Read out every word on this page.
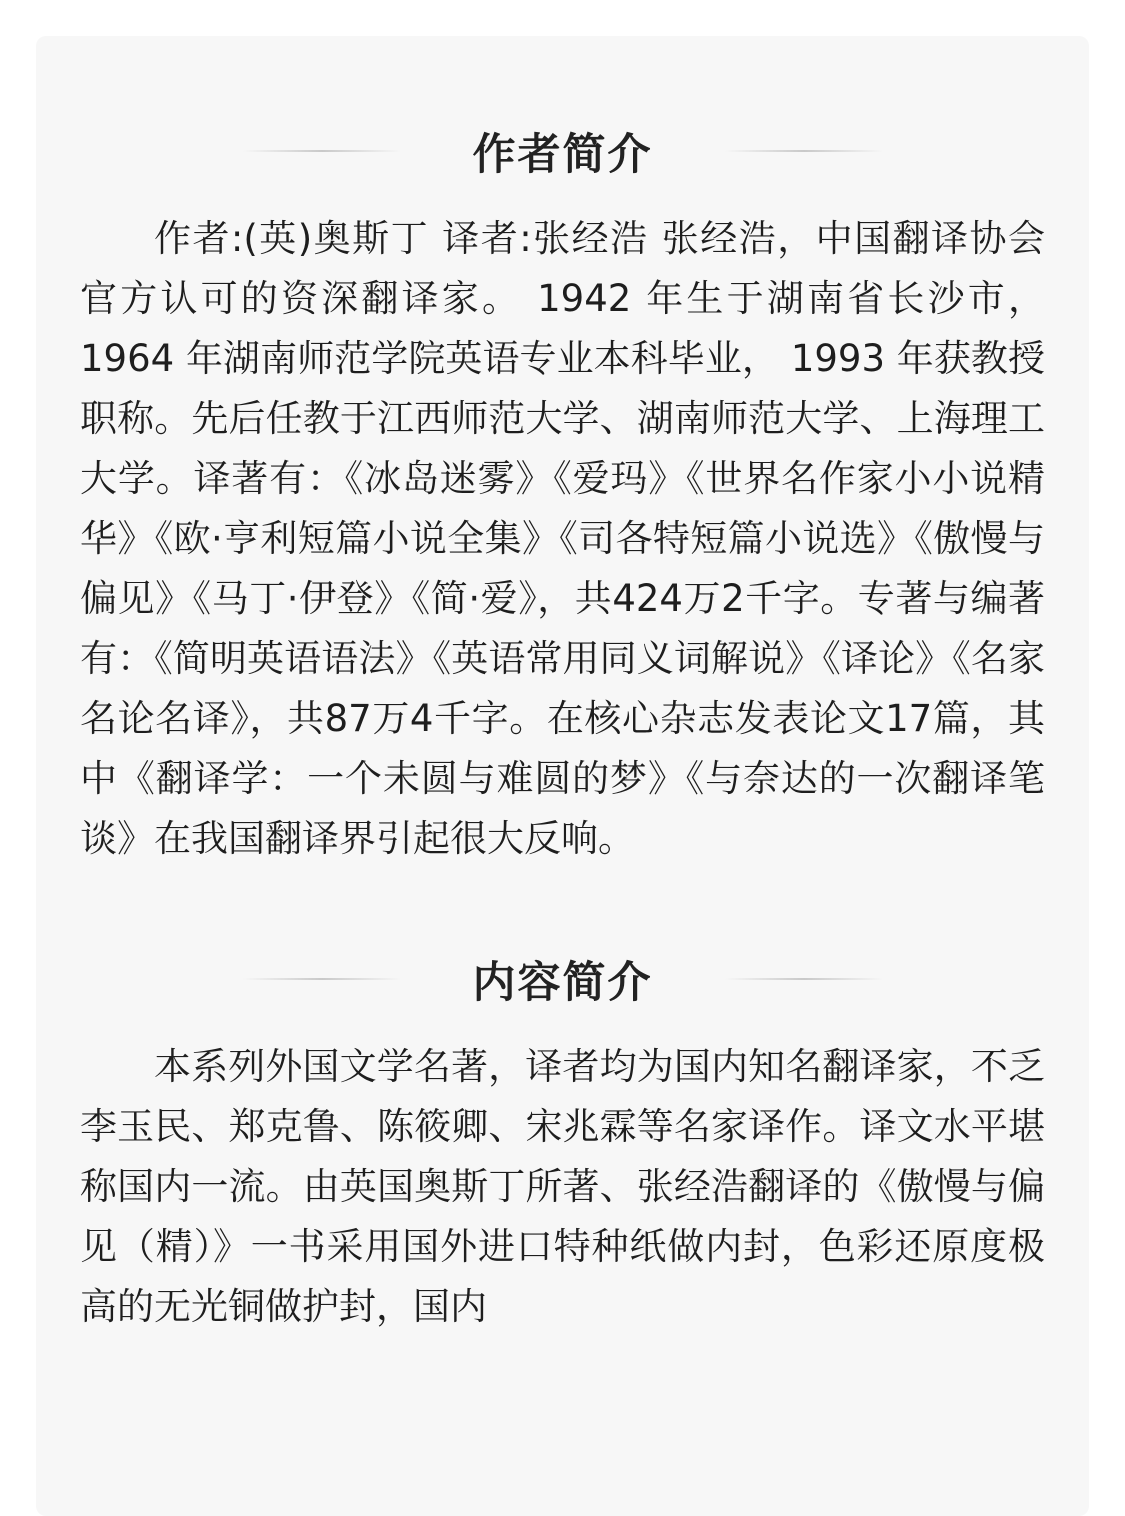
作者简介
作者:(英)奥斯丁 译者:张经浩 张经浩，中国翻译协会官方认可的资深翻译家。 1942 年生于湖南省长沙市， 1964 年湖南师范学院英语专业本科毕业， 1993 年获教授职称。先后任教于江西师范大学、湖南师范大学、上海理工大学。译著有：《冰岛迷雾》《爱玛》《世界名作家小小说精华》《欧·亨利短篇小说全集》《司各特短篇小说选》《傲慢与偏见》《马丁·伊登》《简·爱》，共424万2千字。专著与编著有：《简明英语语法》《英语常用同义词解说》《译论》《名家名论名译》，共87万4千字。在核心杂志发表论文17篇，其中《翻译学：一个未圆与难圆的梦》《与奈达的一次翻译笔谈》在我国翻译界引起很大反响。
内容简介
本系列外国文学名著，译者均为国内知名翻译家，不乏李玉民、郑克鲁、陈筱卿、宋兆霖等名家译作。译文水平堪称国内一流。由英国奥斯丁所著、张经浩翻译的《傲慢与偏见（精）》一书采用国外进口特种纸做内封，色彩还原度极高的无光铜做护封，国内
